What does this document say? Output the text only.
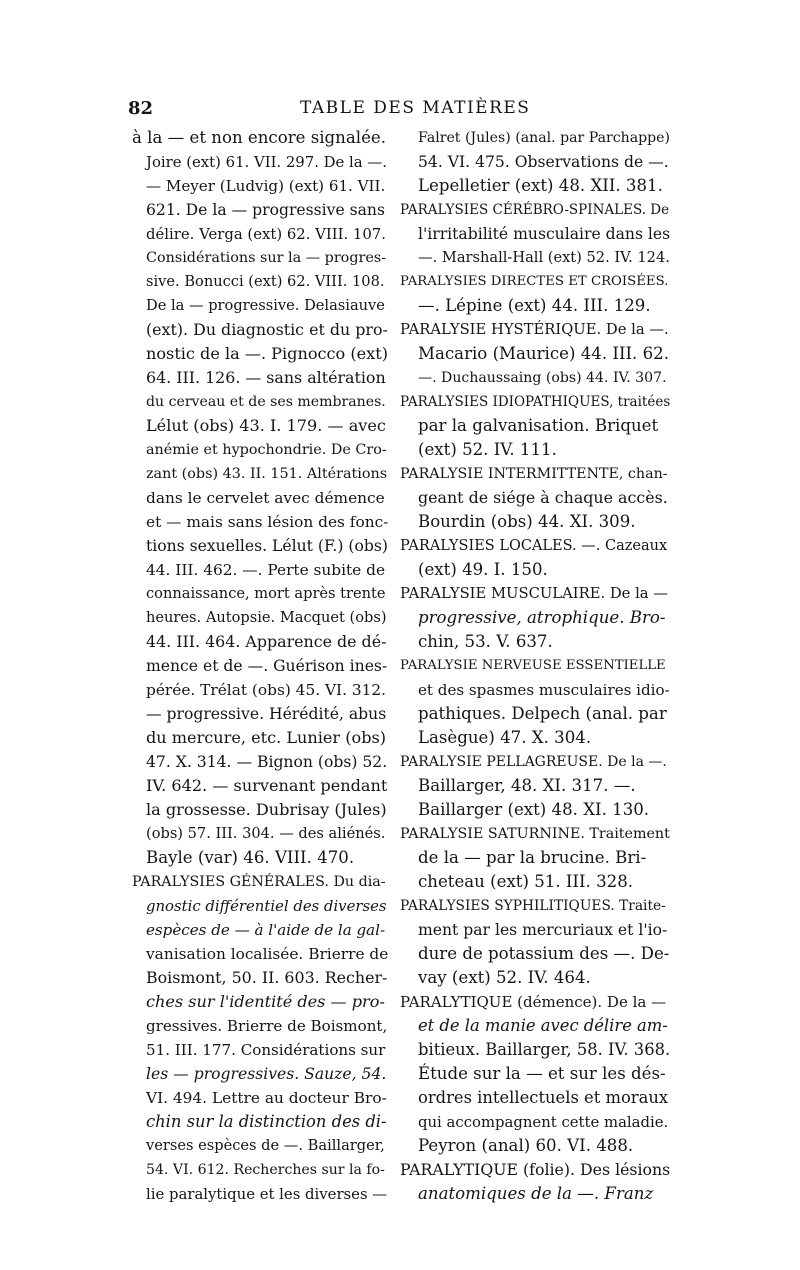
82	TABLE DES MATIÈRES
à la — et non encore signalée.
Joire (ext) 61. VII. 297. De la —.
— Meyer (Ludvig) (ext) 61. VII.
621. De la — progressive sans
délire. Verga (ext) 62. VIII. 107.
Considérations sur la — progres-
sive. Bonucci (ext) 62. VIII. 108.
De la — progressive. Delasiauve
(ext). Du diagnostic et du pro-
nostic de la —. Pignocco (ext)
64. III. 126. — sans altération
du cerveau et de ses membranes.
Lélut (obs) 43. I. 179. — avec
anémie et hypochondrie. De Cro-
zant (obs) 43. II. 151. Altérations
dans le cervelet avec démence
et — mais sans lésion des fonc-
tions sexuelles. Lélut (F.) (obs)
44. III. 462. —. Perte subite de
connaissance, mort après trente
heures. Autopsie. Macquet (obs)
44. III. 464. Apparence de dé-
mence et de —. Guérison ines-
pérée. Trélat (obs) 45. VI. 312.
— progressive. Hérédité, abus
du mercure, etc. Lunier (obs)
47. X. 314. — Bignon (obs) 52.
IV. 642. — survenant pendant
la grossesse. Dubrisay (Jules)
(obs) 57. III. 304. — des aliénés.
Bayle (var) 46. VIII. 470.
PARALYSIES GÉNÉRALES. Du dia-
gnostic différentiel des diverses
espèces de — à l'aide de la gal-
vanisation localisée. Brierre de
Boismont, 50. II. 603. Recher-
ches sur l'identité des — pro-
gressives. Brierre de Boismont,
51. III. 177. Considérations sur
les — progressives. Sauze, 54.
VI. 494. Lettre au docteur Bro-
chin sur la distinction des di-
verses espèces de —. Baillarger,
54. VI. 612. Recherches sur la fo-
lie paralytique et les diverses —
Falret (Jules) (anal. par Parchappe)
54. VI. 475. Observations de —.
Lepelletier (ext) 48. XII. 381.
PARALYSIES CÉRÉBRO-SPINALES. De
l'irritabilité musculaire dans les
—. Marshall-Hall (ext) 52. IV. 124.
PARALYSIES DIRECTES ET CROISÉES.
—. Lépine (ext) 44. III. 129.
PARALYSIE HYSTÉRIQUE. De la —.
Macario (Maurice) 44. III. 62.
—. Duchaussaing (obs) 44. IV. 307.
PARALYSIES IDIOPATHIQUES, traitées
par la galvanisation. Briquet
(ext) 52. IV. 111.
PARALYSIE INTERMITTENTE, chan-
geant de siége à chaque accès.
Bourdin (obs) 44. XI. 309.
PARALYSIES LOCALES. —. Cazeaux
(ext) 49. I. 150.
PARALYSIE MUSCULAIRE. De la —
progressive, atrophique. Bro-
chin, 53. V. 637.
PARALYSIE NERVEUSE ESSENTIELLE
et des spasmes musculaires idio-
pathiques. Delpech (anal. par
Lasègue) 47. X. 304.
PARALYSIE PELLAGREUSE. De la —.
Baillarger, 48. XI. 317. —.
Baillarger (ext) 48. XI. 130.
PARALYSIE SATURNINE. Traitement
de la — par la brucine. Bri-
cheteau (ext) 51. III. 328.
PARALYSIES SYPHILITIQUES. Traite-
ment par les mercuriaux et l'io-
dure de potassium des —. De-
vay (ext) 52. IV. 464.
PARALYTIQUE (démence). De la —
et de la manie avec délire am-
bitieux. Baillarger, 58. IV. 368.
Étude sur la — et sur les dés-
ordres intellectuels et moraux
qui accompagnent cette maladie.
Peyron (anal) 60. VI. 488.
PARALYTIQUE (folie). Des lésions
anatomiques de la —. Franz
